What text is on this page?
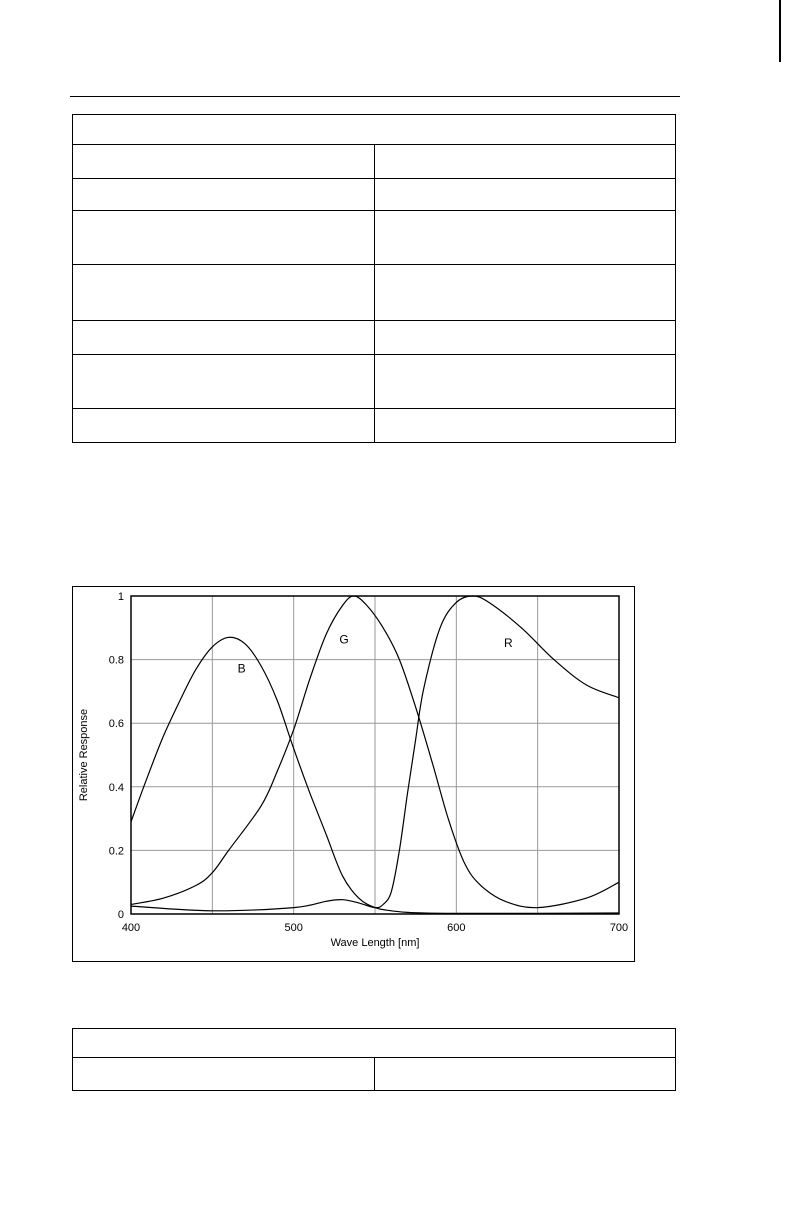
400	500	600	700
0
0.2
0.4
0.6
0.8
1
B
G	R
Wave Length [nm]
Relative Response
